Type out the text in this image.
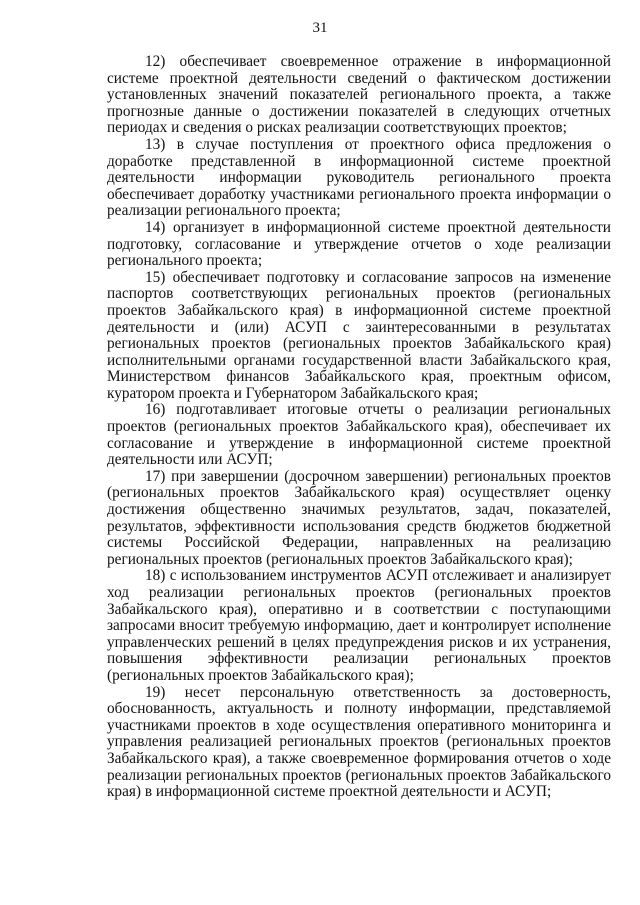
31

12) обеспечивает своевременное отражение в информационной системе проектной деятельности сведений о фактическом достижении установленных значений показателей регионального проекта, а также прогнозные данные о достижении показателей в следующих отчетных периодах и сведения о рисках реализации соответствующих проектов;

13) в случае поступления от проектного офиса предложения о доработке представленной в информационной системе проектной деятельности информации руководитель регионального проекта обеспечивает доработку участниками регионального проекта информации о реализации регионального проекта;

14) организует в информационной системе проектной деятельности подготовку, согласование и утверждение отчетов о ходе реализации регионального проекта;

15) обеспечивает подготовку и согласование запросов на изменение паспортов соответствующих региональных проектов (региональных проектов Забайкальского края) в информационной системе проектной деятельности и (или) АСУП с заинтересованными в результатах региональных проектов (региональных проектов Забайкальского края) исполнительными органами государственной власти Забайкальского края, Министерством финансов Забайкальского края, проектным офисом, куратором проекта и Губернатором Забайкальского края;

16) подготавливает итоговые отчеты о реализации региональных проектов (региональных проектов Забайкальского края), обеспечивает их согласование и утверждение в информационной системе проектной деятельности или АСУП;

17) при завершении (досрочном завершении) региональных проектов (региональных проектов Забайкальского края) осуществляет оценку достижения общественно значимых результатов, задач, показателей, результатов, эффективности использования средств бюджетов бюджетной системы Российской Федерации, направленных на реализацию региональных проектов (региональных проектов Забайкальского края);

18) с использованием инструментов АСУП отслеживает и анализирует ход реализации региональных проектов (региональных проектов Забайкальского края), оперативно и в соответствии с поступающими запросами вносит требуемую информацию, дает и контролирует исполнение управленческих решений в целях предупреждения рисков и их устранения, повышения эффективности реализации региональных проектов (региональных проектов Забайкальского края);

19) несет персональную ответственность за достоверность, обоснованность, актуальность и полноту информации, представляемой участниками проектов в ходе осуществления оперативного мониторинга и управления реализацией региональных проектов (региональных проектов Забайкальского края), а также своевременное формирования отчетов о ходе реализации региональных проектов (региональных проектов Забайкальского края) в информационной системе проектной деятельности и АСУП;
